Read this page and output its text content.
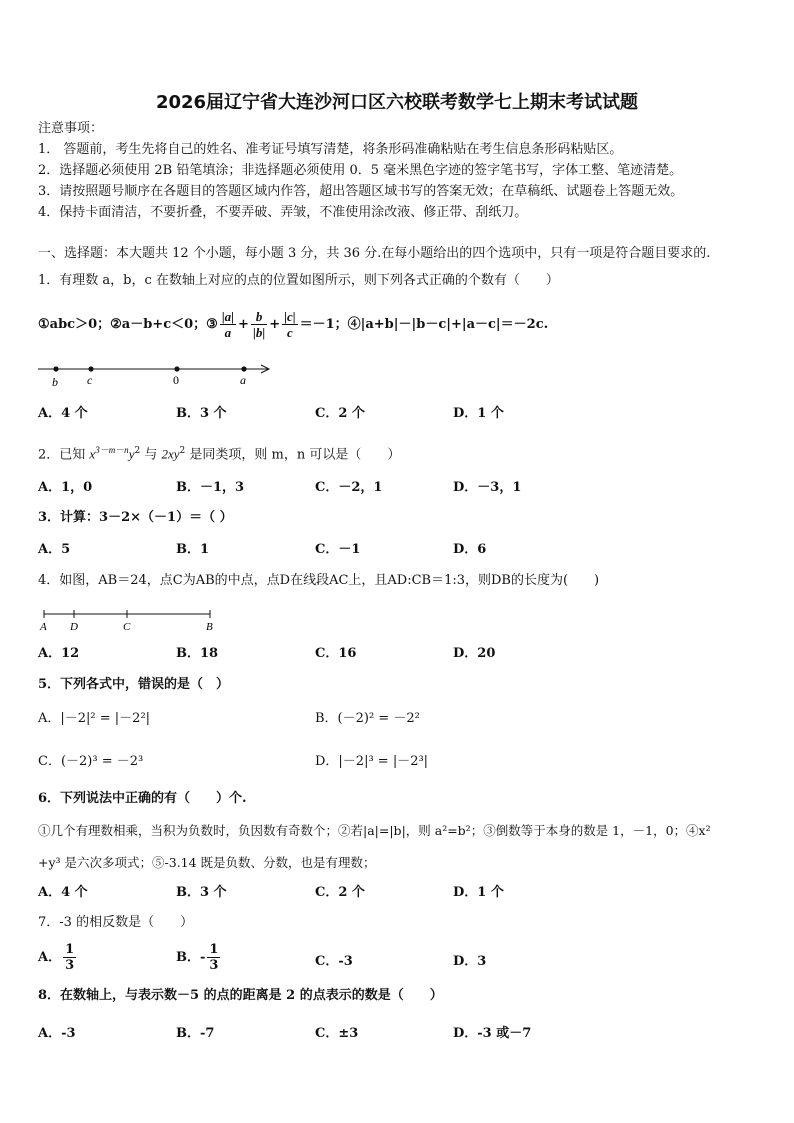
2026届辽宁省大连沙河口区六校联考数学七上期末考试试题
注意事项：
1． 答题前，考生先将自己的姓名、准考证号填写清楚，将条形码准确粘贴在考生信息条形码粘贴区。
2．选择题必须使用 2B 铅笔填涂；非选择题必须使用 0．5 毫米黑色字迹的签字笔书写，字体工整、笔迹清楚。
3．请按照题号顺序在各题目的答题区域内作答，超出答题区域书写的答案无效；在草稿纸、试题卷上答题无效。
4．保持卡面清洁，不要折叠，不要弄破、弄皱，不准使用涂改液、修正带、刮纸刀。
一、选择题：本大题共 12 个小题，每小题 3 分，共 36 分.在每小题给出的四个选项中，只有一项是符合题目要求的.
1．有理数 a，b，c 在数轴上对应的点的位置如图所示，则下列各式正确的个数有（　　）
①abc＞0；②a－b+c＜0；③ $\frac{|a|}{a} + \frac{b}{|b|} + \frac{|c|}{c} =-1$；④|a+b|－|b－c|+|a－c|＝－2c.
b c	0	a
A．4 个	B．3 个	C．2 个	D．1 个
2．已知 $x^{3-m-n}y^2$ 与 $2xy^2$ 是同类项，则 m，n 可以是（　　）
A．1，0	B．－1，3	C．－2，1	D．－3，1
3．计算：3－2×（－1）＝（ ）
A．5	B．1	C．－1	D．6
4．如图，AB＝24，点C为AB的中点，点D在线段AC上，且AD:CB＝1:3，则DB的长度为(　　)
A D	C	B
A．12	B．18	C．16	D．20
5．下列各式中，错误的是（　）
A．|－2|² = |－2²|	B．(－2)² = －2²
C．(－2)³ = －2³	D．|－2|³ = |－2³|
6．下列说法中正确的有（　　）个.
①几个有理数相乘，当积为负数时，负因数有奇数个；②若|a|=|b|，则 a²=b²；③倒数等于本身的数是 1，－1，0；④x²
+y³ 是六次多项式；⑤-3.14 既是负数、分数，也是有理数；
A．4 个	B．3 个	C．2 个	D．1 个
7．-3 的相反数是（　　）
A． $\frac{1}{3}$	B．- $\frac{1}{3}$	C．-3	D．3
8．在数轴上，与表示数－5 的点的距离是 2 的点表示的数是（　　）
A．-3	B．-7	C．±3	D．-3 或－7
